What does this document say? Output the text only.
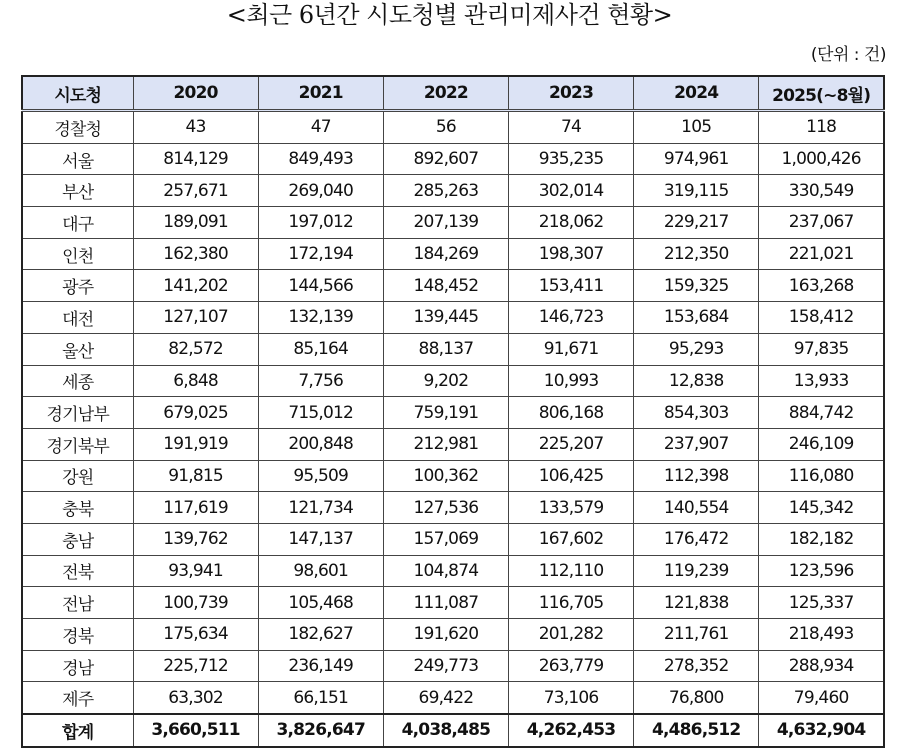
<최근 6년간 시도청별 관리미제사건 현황>
(단위 : 건)
시도청	2020	2021	2022	2023	2024	2025(~8월)
경찰청	43	47	56	74	105	118
서울	814,129	849,493	892,607	935,235	974,961	1,000,426
부산	257,671	269,040	285,263	302,014	319,115	330,549
대구	189,091	197,012	207,139	218,062	229,217	237,067
인천	162,380	172,194	184,269	198,307	212,350	221,021
광주	141,202	144,566	148,452	153,411	159,325	163,268
대전	127,107	132,139	139,445	146,723	153,684	158,412
울산	82,572	85,164	88,137	91,671	95,293	97,835
세종	6,848	7,756	9,202	10,993	12,838	13,933
경기남부	679,025	715,012	759,191	806,168	854,303	884,742
경기북부	191,919	200,848	212,981	225,207	237,907	246,109
강원	91,815	95,509	100,362	106,425	112,398	116,080
충북	117,619	121,734	127,536	133,579	140,554	145,342
충남	139,762	147,137	157,069	167,602	176,472	182,182
전북	93,941	98,601	104,874	112,110	119,239	123,596
전남	100,739	105,468	111,087	116,705	121,838	125,337
경북	175,634	182,627	191,620	201,282	211,761	218,493
경남	225,712	236,149	249,773	263,779	278,352	288,934
제주	63,302	66,151	69,422	73,106	76,800	79,460
합계	3,660,511	3,826,647	4,038,485	4,262,453	4,486,512	4,632,904
